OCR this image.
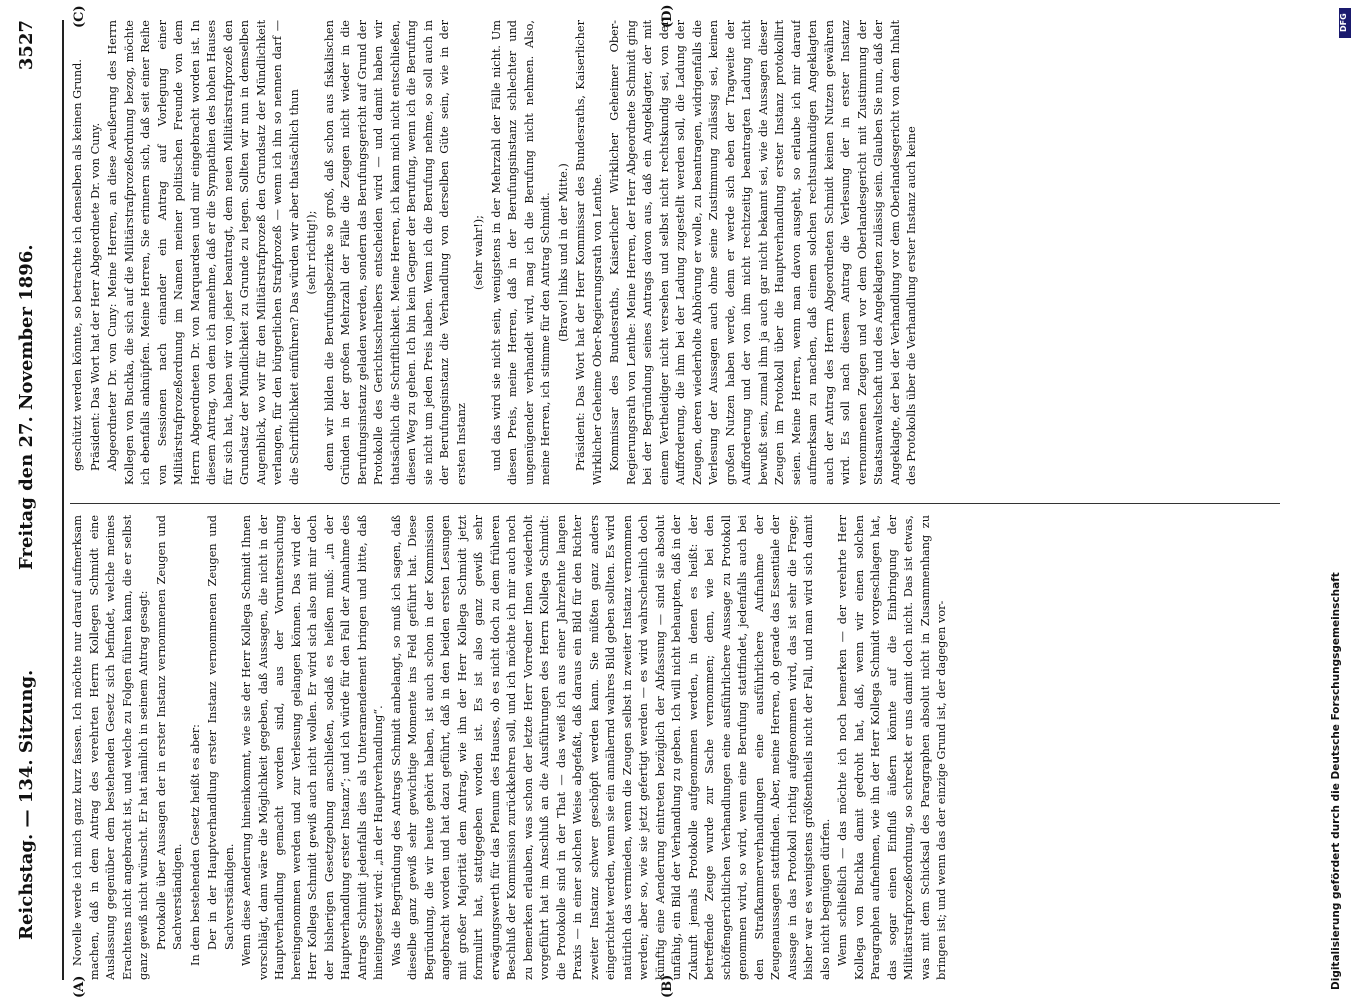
Reichstag. — 134. Sitzung.
Freitag den 27. November 1896.
3527
(A)	(B)
(C)	(D)

Novelle werde ich mich ganz kurz fassen. Ich möchte nur darauf aufmerksam machen, daß in dem Antrag des verehrten Herrn Kollegen Schmidt eine Auslassung gegenüber dem bestehenden Gesetz sich befindet, welche meines Erachtens nicht angebracht ist, und welche zu Folgen führen kann, die er selbst ganz gewiß nicht wünscht. Er hat nämlich in seinem Antrag gesagt: Protokolle über Aussagen der in erster Instanz vernommenen Zeugen und Sachverständigen. In dem bestehenden Gesetz heißt es aber: Der in der Hauptverhandlung erster Instanz vernommenen Zeugen und Sachverständigen. Wenn diese Aenderung hineinkommt, wie sie der Herr Kollega Schmidt Ihnen vorschlägt, dann wäre die Möglichkeit gegeben, daß Aussagen, die nicht in der Hauptverhandlung gemacht worden sind, aus der Voruntersuchung hereingenommen werden und zur Verlesung gelangen können. Das wird der Herr Kollega Schmidt gewiß auch nicht wollen. Er wird sich also mit mir doch der bisherigen Gesetzgebung anschließen, sodaß es heißen muß: „in der Hauptverhandlung erster Instanz“; und ich würde für den Fall der Annahme des Antrags Schmidt jedenfalls dies als Unteramendement bringen und bitte, daß hineingesetzt wird: „in der Hauptverhandlung“. Was die Begründung des Antrags Schmidt anbelangt, so muß ich sagen, daß dieselbe ganz gewiß sehr gewichtige Momente ins Feld geführt hat. Diese Begründung, die wir heute gehört haben, ist auch schon in der Kommission angebracht worden und hat dazu geführt, daß in den beiden ersten Lesungen mit großer Majorität dem Antrag, wie ihn der Herr Kollega Schmidt jetzt formulirt hat, stattgegeben worden ist. Es ist also ganz gewiß sehr erwägungswerth für das Plenum des Hauses, ob es nicht doch zu dem früheren Beschluß der Kommission zurückkehren soll, und ich möchte ich mir auch noch zu bemerken erlauben, was schon der letzte Herr Vorredner Ihnen wiederholt vorgeführt hat im Anschluß an die Ausführungen des Herrn Kollega Schmidt: die Protokolle sind in der That — das weiß ich aus einer Jahrzehnte langen Praxis — in einer solchen Weise abgefaßt, daß daraus ein Bild für den Richter zweiter Instanz schwer geschöpft werden kann. Sie müßten ganz anders eingerichtet werden, wenn sie ein annähernd wahres Bild geben sollten. Es wird natürlich das vermieden, wenn die Zeugen selbst in zweiter Instanz vernommen werden; aber so, wie sie jetzt gefertigt werden — es wird wahrscheinlich doch künftig eine Aenderung eintreten bezüglich der Abfassung — sind sie absolut unfähig, ein Bild der Verhandlung zu geben. Ich will nicht behaupten, daß in der Zukunft jemals Protokolle aufgenommen werden, in denen es heißt: der betreffende Zeuge wurde zur Sache vernommen; denn, wie bei den schöffengerichtlichen Verhandlungen eine ausführlichere Aussage zu Protokoll genommen wird, so wird, wenn eine Berufung stattfindet, jedenfalls auch bei den Strafkammerverhandlungen eine ausführlichere Aufnahme der Zeugenaussagen stattfinden. Aber, meine Herren, ob gerade das Essentiale der Aussage in das Protokoll richtig aufgenommen wird, das ist sehr die Frage; bisher war es wenigstens größtentheils nicht der Fall, und man wird sich damit also nicht begnügen dürfen. Wenn schließlich — das möchte ich noch bemerken — der verehrte Herr Kollega von Buchka damit gedroht hat, daß, wenn wir einen solchen Paragraphen aufnehmen, wie ihn der Herr Kollega Schmidt vorgeschlagen hat, das sogar einen Einfluß äußern könnte auf die Einbringung der Militärstrafprozeßordnung, so schreckt er uns damit doch nicht. Das ist etwas, was mit dem Schicksal des Paragraphen absolut nicht in Zusammenhang zu bringen ist; und wenn das der einzige Grund ist, der dagegen vor-

geschützt werden könnte, so betrachte ich denselben als keinen Grund. Präsident: Das Wort hat der Herr Abgeordnete Dr. von Cuny. Abgeordneter Dr. von Cuny: Meine Herren, an diese Aeußerung des Herrn Kollegen von Buchka, die sich auf die Militärstrafprozeßordnung bezog, möchte ich ebenfalls anknüpfen. Meine Herren, Sie erinnern sich, daß seit einer Reihe von Sessionen nach einander ein Antrag auf Vorlegung einer Militärstrafprozeßordnung im Namen meiner politischen Freunde von dem Herrn Abgeordneten Dr. von Marquardsen und mir eingebracht worden ist. In diesem Antrag, von dem ich annehme, daß er die Sympathien des hohen Hauses für sich hat, haben wir von jeher beantragt, dem neuen Militärstrafprozeß den Grundsatz der Mündlichkeit zu Grunde zu legen. Sollten wir nun in demselben Augenblick, wo wir für den Militärstrafprozeß den Grundsatz der Mündlichkeit verlangen, für den bürgerlichen Strafprozeß — wenn ich ihn so nennen darf — die Schriftlichkeit einführen? Das würden wir aber thatsächlich thun (sehr richtig!); denn wir bilden die Berufungsbezirke so groß, daß schon aus fiskalischen Gründen in der großen Mehrzahl der Fälle die Zeugen nicht wieder in die Berufungsinstanz geladen werden, sondern das Berufungsgericht auf Grund der Protokolle des Gerichtsschreibers entscheiden wird — und damit haben wir thatsächlich die Schriftlichkeit. Meine Herren, ich kann mich nicht entschließen, diesen Weg zu gehen. Ich bin kein Gegner der Berufung, wenn ich die Berufung sie nicht um jeden Preis haben. Wenn ich die Berufung nehme, so soll auch in der Berufungsinstanz die Verhandlung von derselben Güte sein, wie in der ersten Instanz

(sehr wahr!); und das wird sie nicht sein, wenigstens in der Mehrzahl der Fälle nicht. Um diesen Preis, meine Herren, daß in der Berufungsinstanz schlechter und ungenügender verhandelt wird, mag ich die Berufung nicht nehmen. Also, meine Herren, ich stimme für den Antrag Schmidt. (Bravo! links und in der Mitte.) Präsident: Das Wort hat der Herr Kommissar des Bundesraths, Kaiserlicher Wirklicher Geheime Ober-Regierungsrath von Lenthe. Kommissar des Bundesraths, Kaiserlicher Wirklicher Geheimer Ober-Regierungsrath von Lenthe: Meine Herren, der Herr Abgeordnete Schmidt ging bei der Begründung seines Antrags davon aus, daß ein Angeklagter, der mit einem Vertheidiger nicht versehen und selbst nicht rechtskundig sei, von der Aufforderung, die ihm bei der Ladung zugestellt werden soll, die Ladung der Zeugen, deren wiederholte Abhörung er wolle, zu beantragen, widrigenfalls die Verlesung der Aussagen auch ohne seine Zustimmung zulässig sei, keinen großen Nutzen haben werde, denn er werde sich eben der Tragweite der Aufforderung und der von ihm nicht rechtzeitig beantragten Ladung nicht bewußt sein, zumal ihm ja auch gar nicht bekannt sei, wie die Aussagen dieser Zeugen im Protokoll über die Hauptverhandlung erster Instanz protokollirt seien. Meine Herren, wenn man davon ausgeht, so erlaube ich mir darauf aufmerksam zu machen, daß einem solchen rechtsunkundigen Angeklagten auch der Antrag des Herrn Abgeordneten Schmidt keinen Nutzen gewähren wird. Es soll nach diesem Antrag die Verlesung der in erster Instanz vernommenen Zeugen und vor dem Oberlandesgericht mit Zustimmung der Staatsanwaltschaft und des Angeklagten zulässig sein. Glauben Sie nun, daß der Angeklagte, der bei der Verhandlung vor dem Oberlandesgericht von dem Inhalt des Protokolls über die Verhandlung erster Instanz auch keine

Digitalisierung gefördert durch die Deutsche Forschungsgemeinschaft
DFG
